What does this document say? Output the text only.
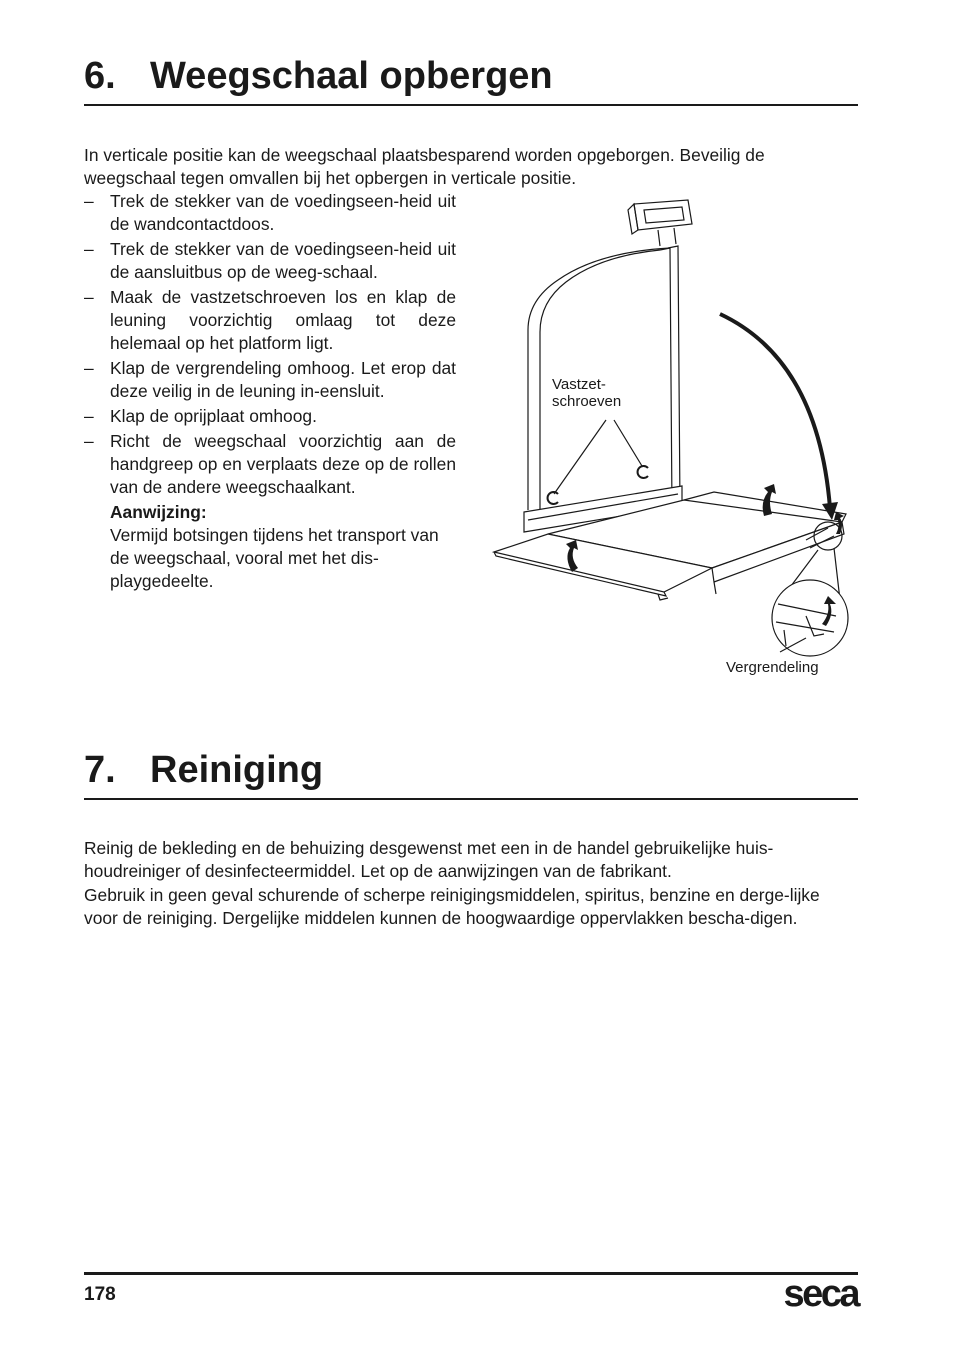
6. Weegschaal opbergen

In verticale positie kan de weegschaal plaatsbesparend worden opgeborgen. Beveilig de weegschaal tegen omvallen bij het opbergen in verticale positie.

– Trek de stekker van de voedingseen-heid uit de wandcontactdoos.
– Trek de stekker van de voedingseen-heid uit de aansluitbus op de weeg-schaal.
– Maak de vastzetschroeven los en klap de leuning voorzichtig omlaag tot deze helemaal op het platform ligt.
– Klap de vergrendeling omhoog. Let erop dat deze veilig in de leuning in-eensluit.
– Klap de oprijplaat omhoog.
– Richt de weegschaal voorzichtig aan de handgreep op en verplaats deze op de rollen van de andere weegschaalkant.
Aanwijzing:
Vermijd botsingen tijdens het transport van de weegschaal, vooral met het dis-playgedeelte.
Vastzet-
schroeven
Vergrendeling
7. Reiniging

Reinig de bekleding en de behuizing desgewenst met een in de handel gebruikelijke huis-houdreiniger of desinfecteermiddel. Let op de aanwijzingen van de fabrikant.

Gebruik in geen geval schurende of scherpe reinigingsmiddelen, spiritus, benzine en derge-lijke voor de reiniging. Dergelijke middelen kunnen de hoogwaardige oppervlakken bescha-digen.

178	seca
